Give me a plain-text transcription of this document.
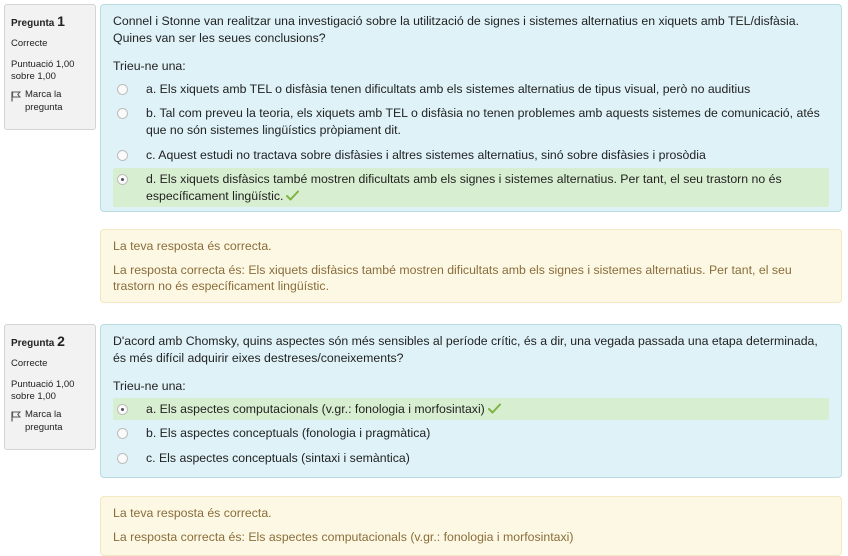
Pregunta 1
Correcte
Puntuació 1,00
sobre 1,00
Marca la pregunta

Connel i Stonne van realitzar una investigació sobre la utilització de signes i sistemes alternatius en xiquets amb TEL/disfàsia. Quines van ser les seues conclusions?

Trieu-ne una:

a. Els xiquets amb TEL o disfàsia tenen dificultats amb els sistemes alternatius de tipus visual, però no auditius
b. Tal com preveu la teoria, els xiquets amb TEL o disfàsia no tenen problemes amb aquests sistemes de comunicació, atés que no són sistemes lingüístics pròpiament dit.
c. Aquest estudi no tractava sobre disfàsies i altres sistemes alternatius, sinó sobre disfàsies i prosòdia
d. Els xiquets disfàsics també mostren dificultats amb els signes i sistemes alternatius. Per tant, el seu trastorn no és específicament lingüístic.

La teva resposta és correcta.

La resposta correcta és: Els xiquets disfàsics també mostren dificultats amb els signes i sistemes alternatius. Per tant, el seu trastorn no és específicament lingüístic.

Pregunta 2
Correcte
Puntuació 1,00
sobre 1,00
Marca la pregunta

D'acord amb Chomsky, quins aspectes són més sensibles al període crític, és a dir, una vegada passada una etapa determinada, és més difícil adquirir eixes destreses/coneixements?

Trieu-ne una:

a. Els aspectes computacionals (v.gr.: fonologia i morfosintaxi)
b. Els aspectes conceptuals (fonologia i pragmàtica)
c. Els aspectes conceptuals (sintaxi i semàntica)

La teva resposta és correcta.

La resposta correcta és: Els aspectes computacionals (v.gr.: fonologia i morfosintaxi)
